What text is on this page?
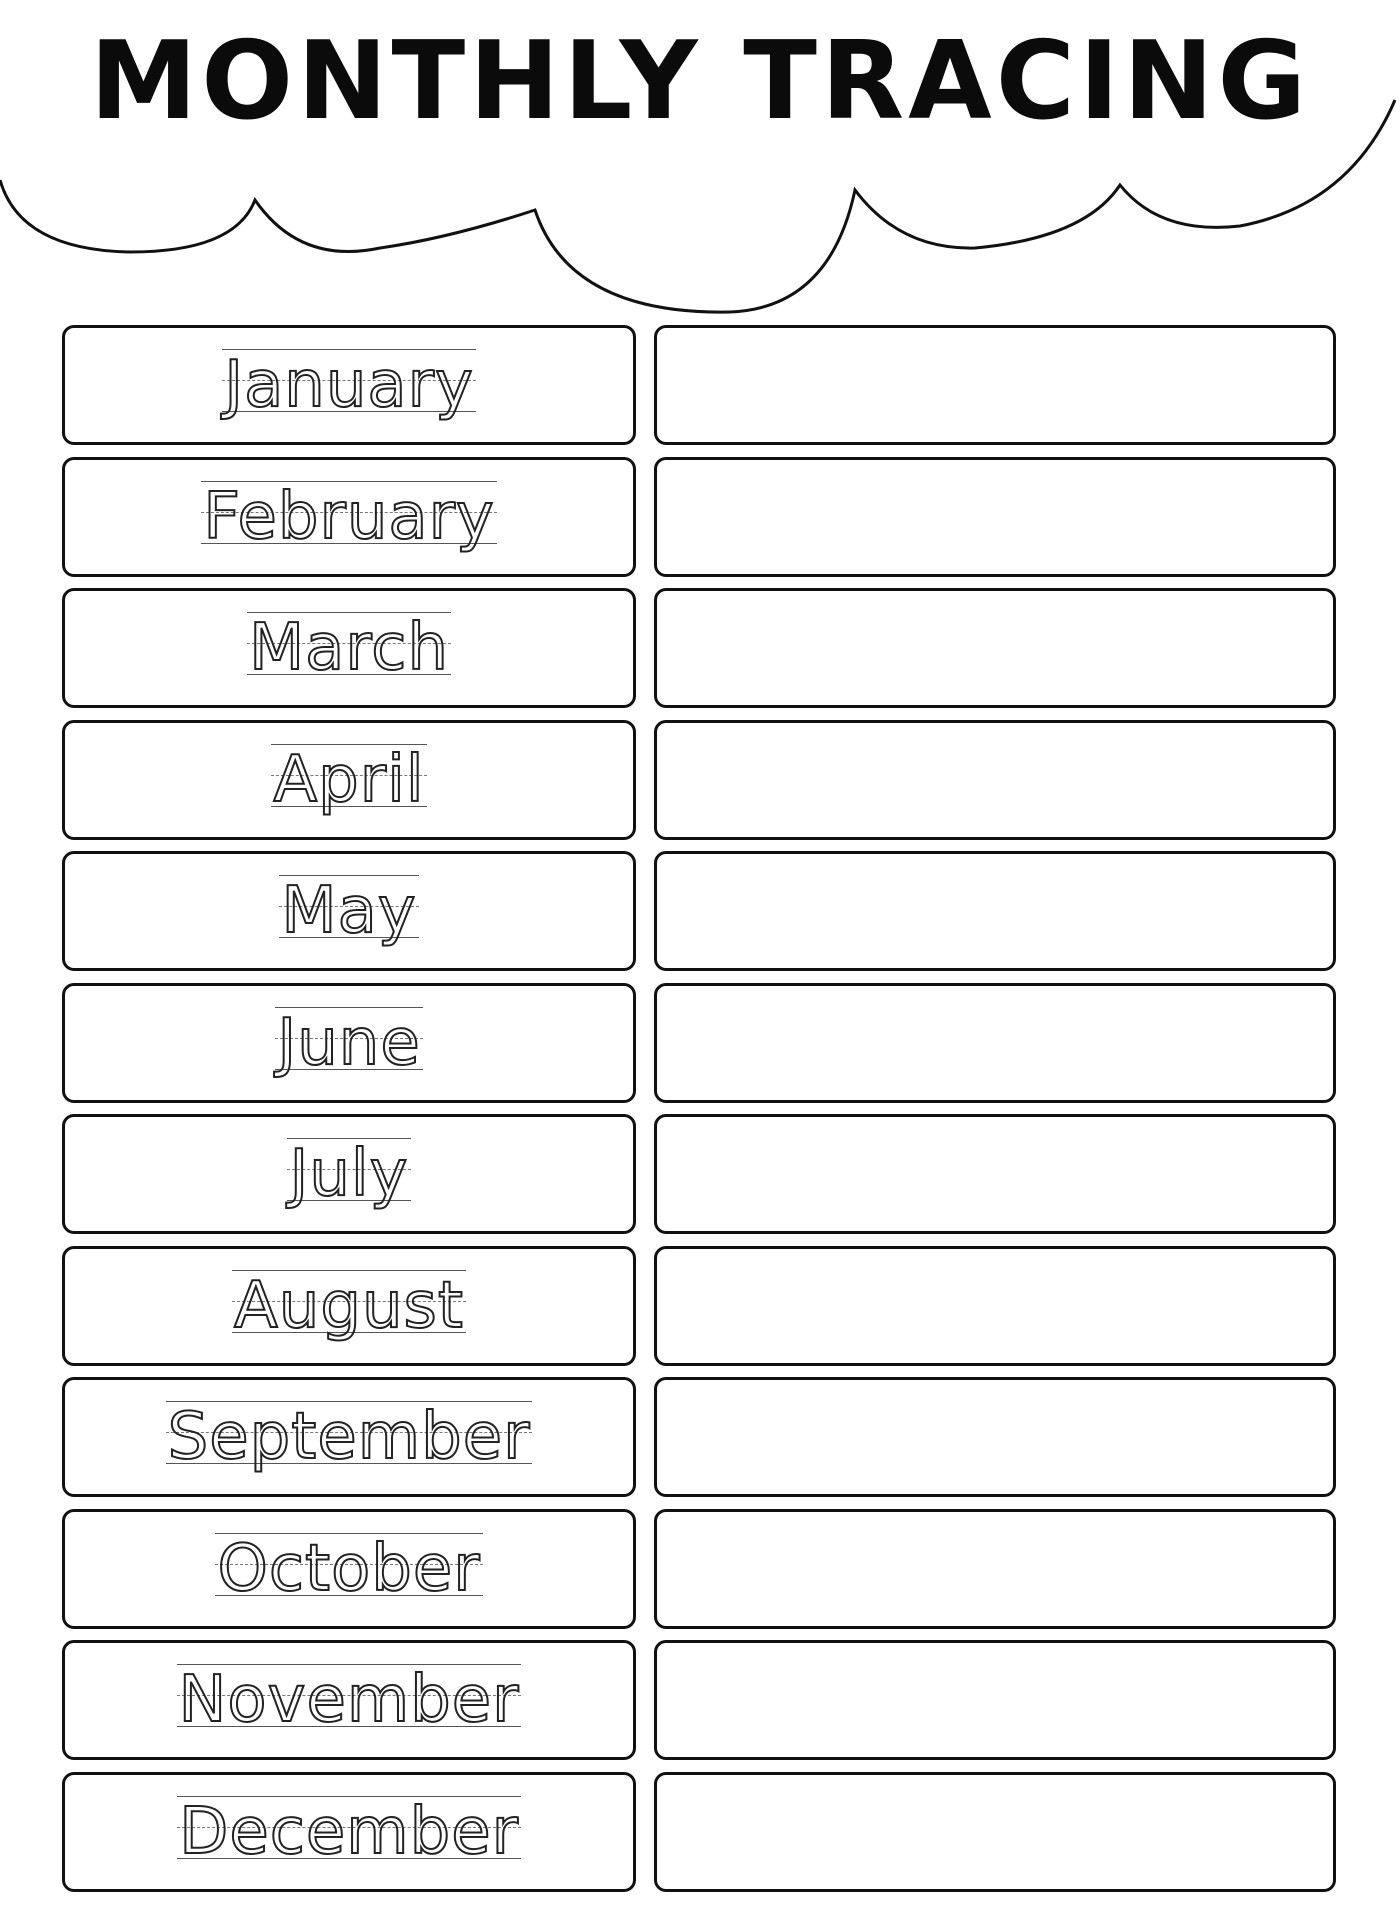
MONTHLY TRACING
January
February
March
April
May
June
July
August
September
October
November
December
